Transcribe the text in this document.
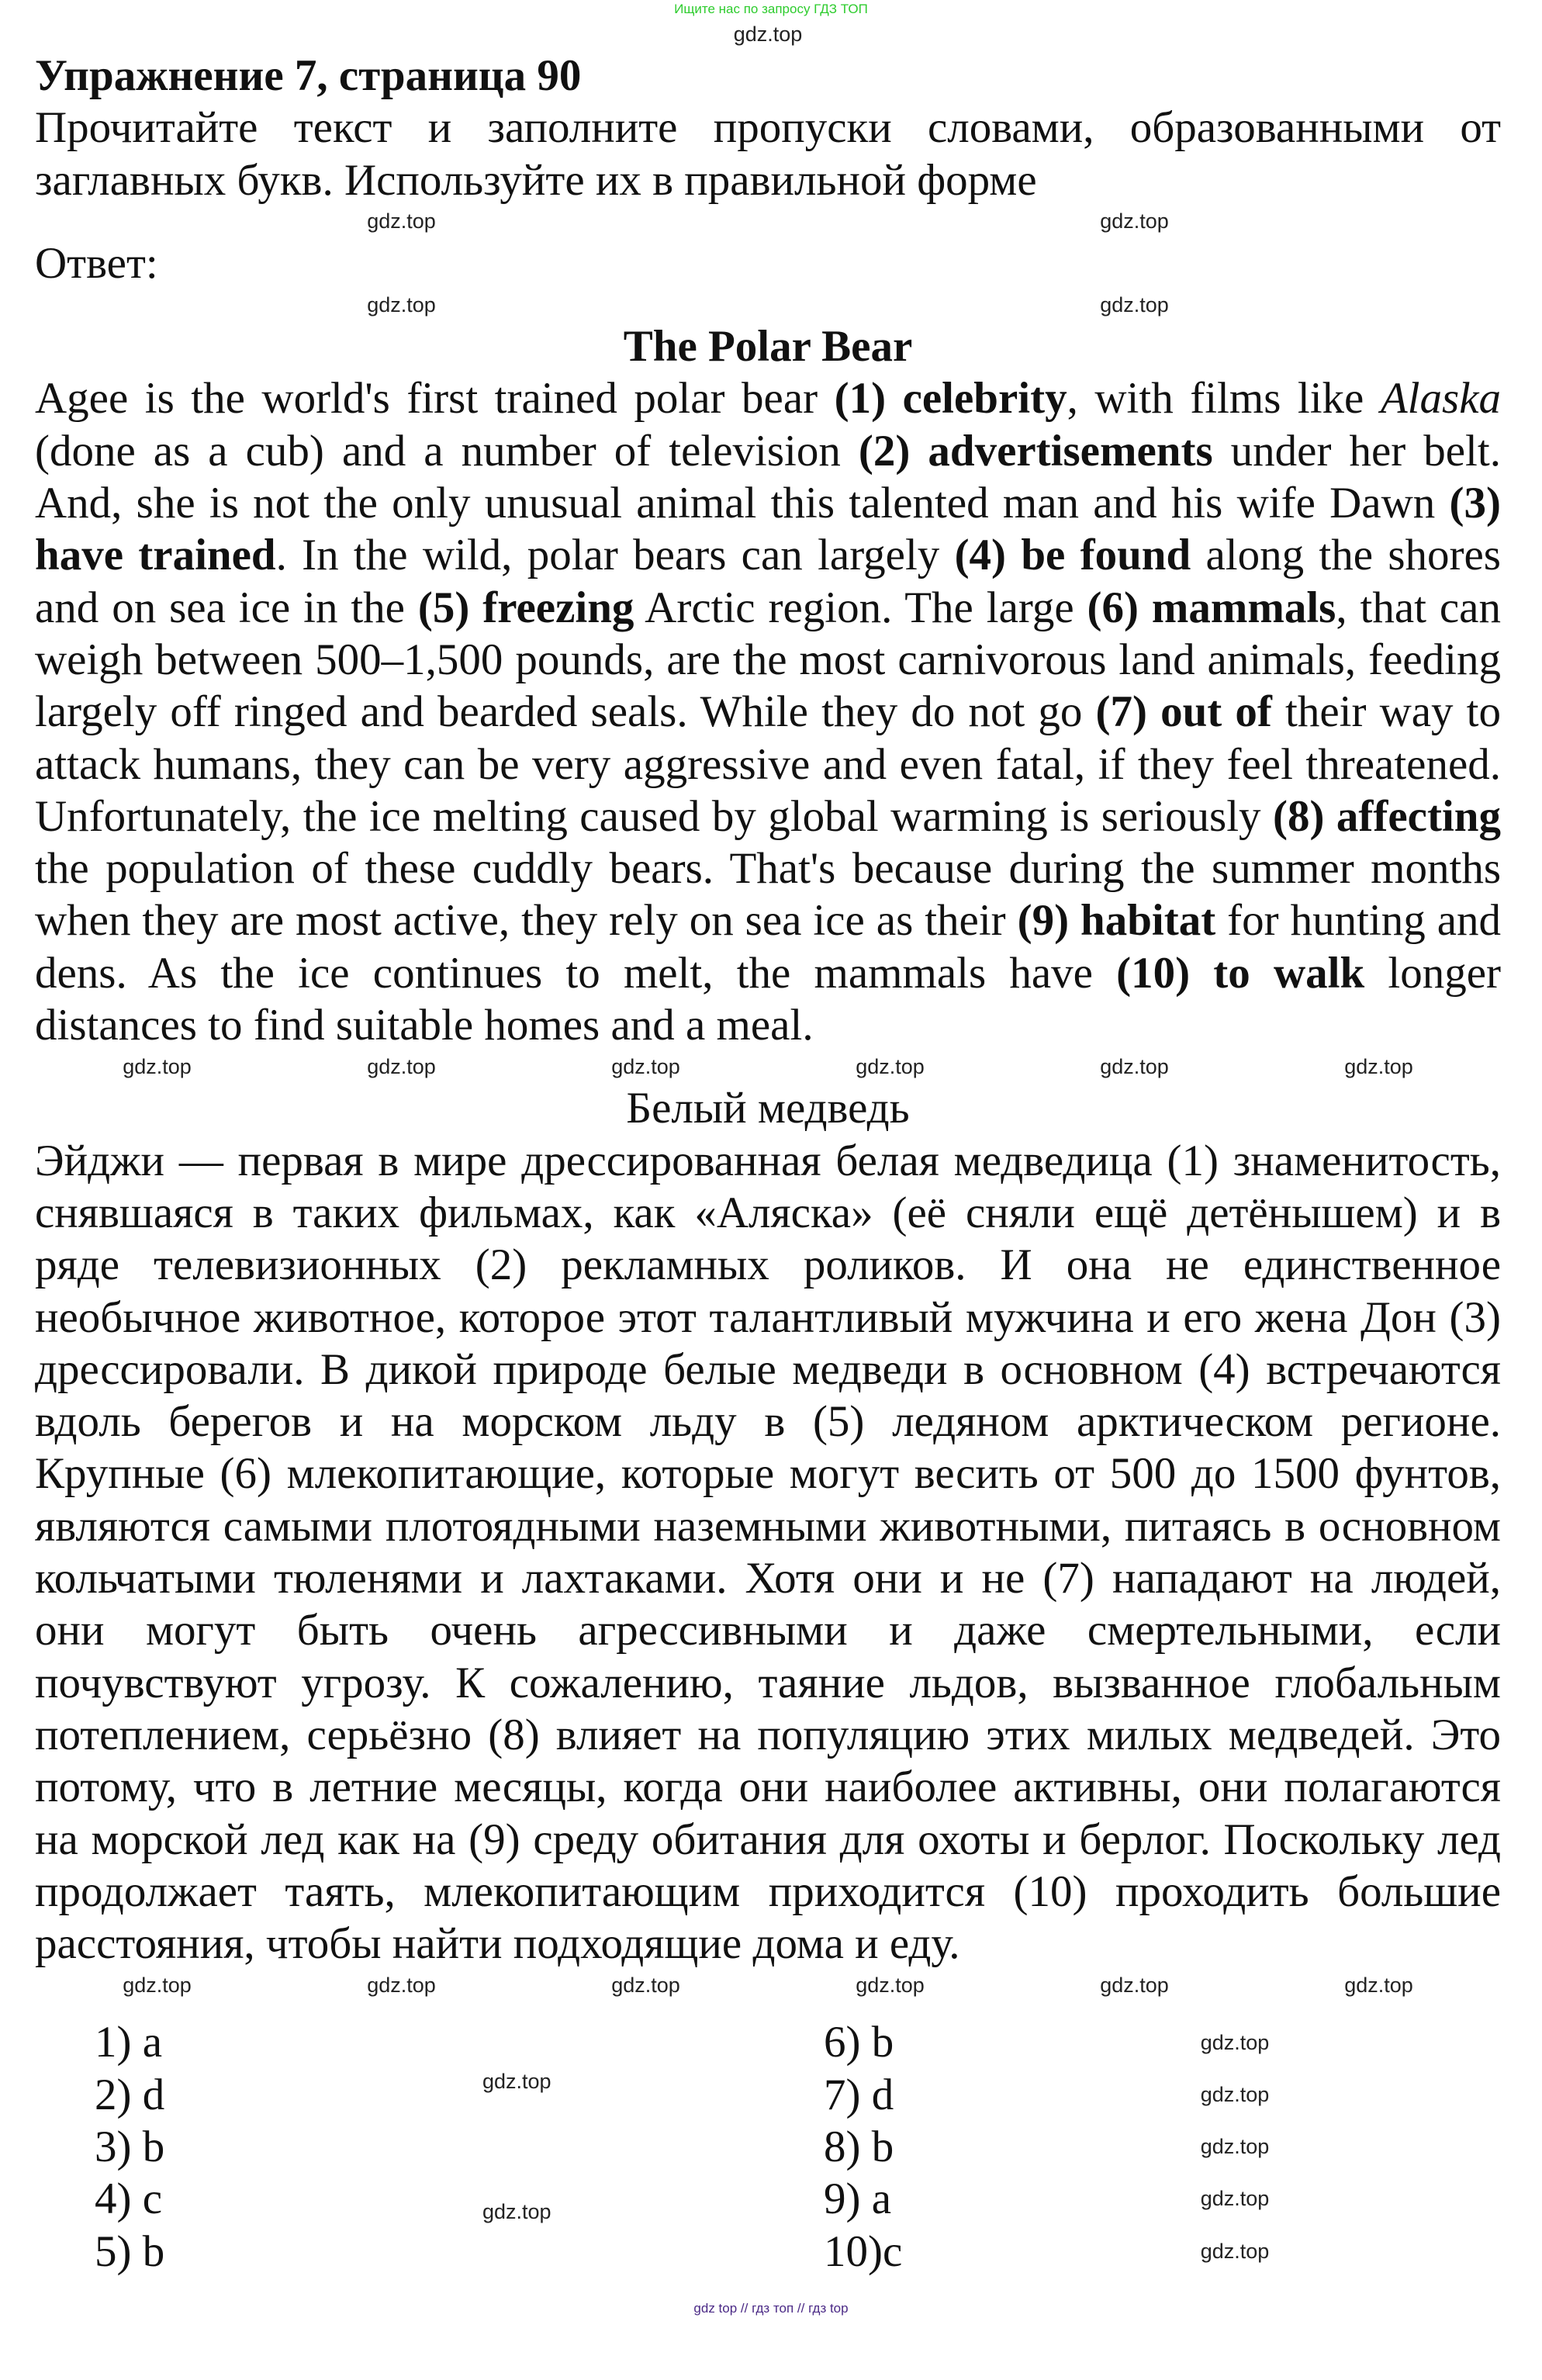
Ищите нас по запросу ГДЗ ТОП
gdz.top
Упражнение 7, страница 90
Прочитайте текст и заполните пропуски словами, образованными от заглавных букв. Используйте их в правильной форме
gdz.top	gdz.top
Ответ:
gdz.top	gdz.top
The Polar Bear
Agee is the world's first trained polar bear (1) celebrity, with films like Alaska (done as a cub) and a number of television (2) advertisements under her belt. And, she is not the only unusual animal this talented man and his wife Dawn (3) have trained. In the wild, polar bears can largely (4) be found along the shores and on sea ice in the (5) freezing Arctic region. The large (6) mammals, that can weigh between 500–1,500 pounds, are the most carnivorous land animals, feeding largely off ringed and bearded seals. While they do not go (7) out of their way to attack humans, they can be very aggressive and even fatal, if they feel threatened. Unfortunately, the ice melting caused by global warming is seriously (8) affecting the population of these cuddly bears. That's because during the summer months when they are most active, they rely on sea ice as their (9) habitat for hunting and dens. As the ice continues to melt, the mammals have (10) to walk longer distances to find suitable homes and a meal.
gdz.top	gdz.top	gdz.top	gdz.top	gdz.top	gdz.top
Белый медведь
Эйджи — первая в мире дрессированная белая медведица (1) знаменитость, снявшаяся в таких фильмах, как «Аляска» (её сняли ещё детёнышем) и в ряде телевизионных (2) рекламных роликов. И она не единственное необычное животное, которое этот талантливый мужчина и его жена Дон (3) дрессировали. В дикой природе белые медведи в основном (4) встречаются вдоль берегов и на морском льду в (5) ледяном арктическом регионе. Крупные (6) млекопитающие, которые могут весить от 500 до 1500 фунтов, являются самыми плотоядными наземными животными, питаясь в основном кольчатыми тюленями и лахтаками. Хотя они и не (7) нападают на людей, они могут быть очень агрессивными и даже смертельными, если почувствуют угрозу. К сожалению, таяние льдов, вызванное глобальным потеплением, серьёзно (8) влияет на популяцию этих милых медведей. Это потому, что в летние месяцы, когда они наиболее активны, они полагаются на морской лед как на (9) среду обитания для охоты и берлог. Поскольку лед продолжает таять, млекопитающим приходится (10) проходить большие расстояния, чтобы найти подходящие дома и еду.
gdz.top	gdz.top	gdz.top	gdz.top	gdz.top	gdz.top
1) a
2) d
3) b
4) c
5) b
gdz.top
gdz.top
6) b
7) d
8) b
9) a
10)c
gdz.top
gdz.top
gdz.top
gdz.top
gdz.top
gdz top // гдз топ // гдз top
